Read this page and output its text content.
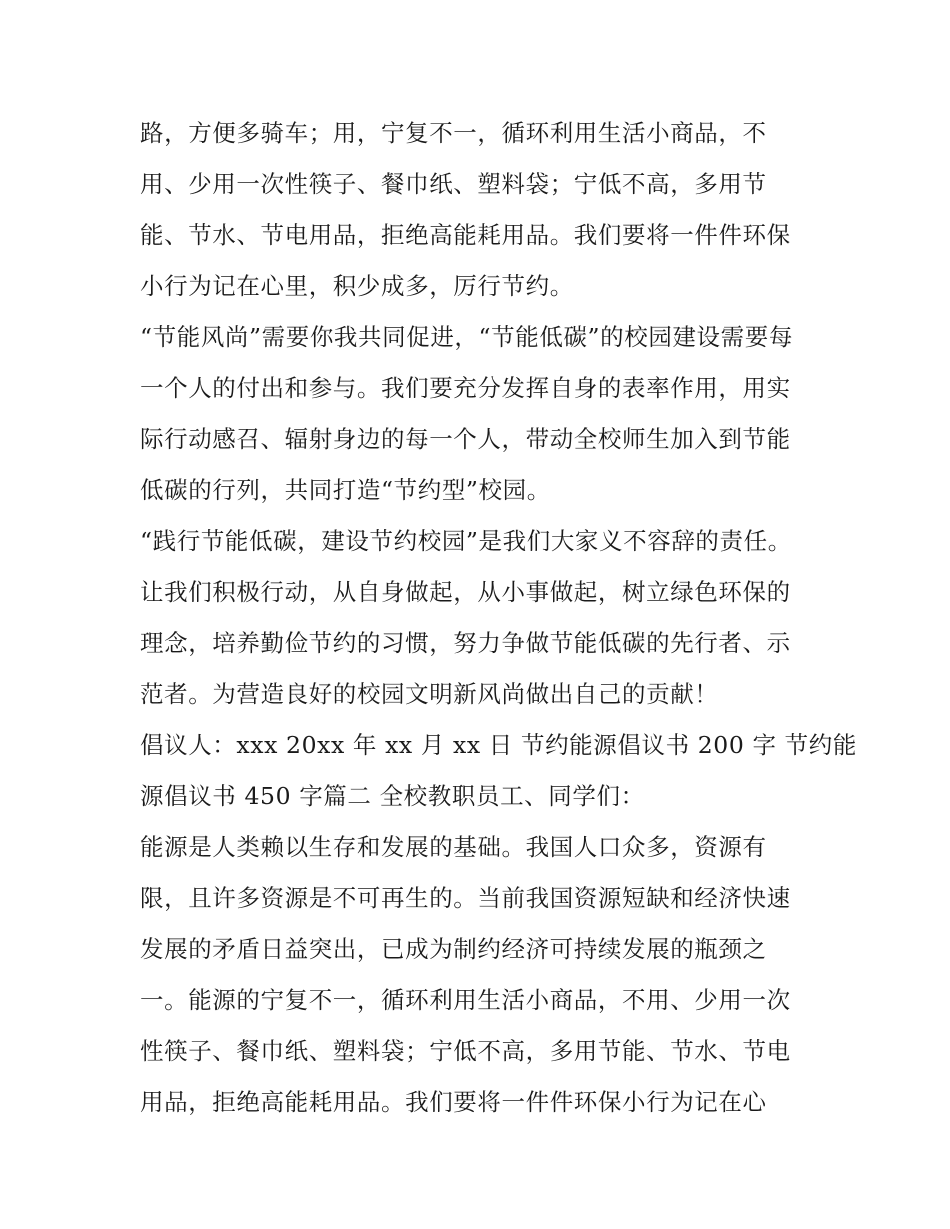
路，方便多骑车；用，宁复不一，循环利用生活小商品，不
用、少用一次性筷子、餐巾纸、塑料袋；宁低不高，多用节
能、节水、节电用品，拒绝高能耗用品。我们要将一件件环保
小行为记在心里，积少成多，厉行节约。
“节能风尚”需要你我共同促进，“节能低碳”的校园建设需要每
一个人的付出和参与。我们要充分发挥自身的表率作用，用实
际行动感召、辐射身边的每一个人，带动全校师生加入到节能
低碳的行列，共同打造“节约型”校园。
“践行节能低碳，建设节约校园”是我们大家义不容辞的责任。
让我们积极行动，从自身做起，从小事做起，树立绿色环保的
理念，培养勤俭节约的习惯，努力争做节能低碳的先行者、示
范者。为营造良好的校园文明新风尚做出自己的贡献！
倡议人：xxx 20xx 年 xx 月 xx 日 节约能源倡议书 200 字 节约能
源倡议书 450 字篇二 全校教职员工、同学们：
能源是人类赖以生存和发展的基础。我国人口众多，资源有
限，且许多资源是不可再生的。当前我国资源短缺和经济快速
发展的矛盾日益突出，已成为制约经济可持续发展的瓶颈之
一。能源的宁复不一，循环利用生活小商品，不用、少用一次
性筷子、餐巾纸、塑料袋；宁低不高，多用节能、节水、节电
用品，拒绝高能耗用品。我们要将一件件环保小行为记在心
